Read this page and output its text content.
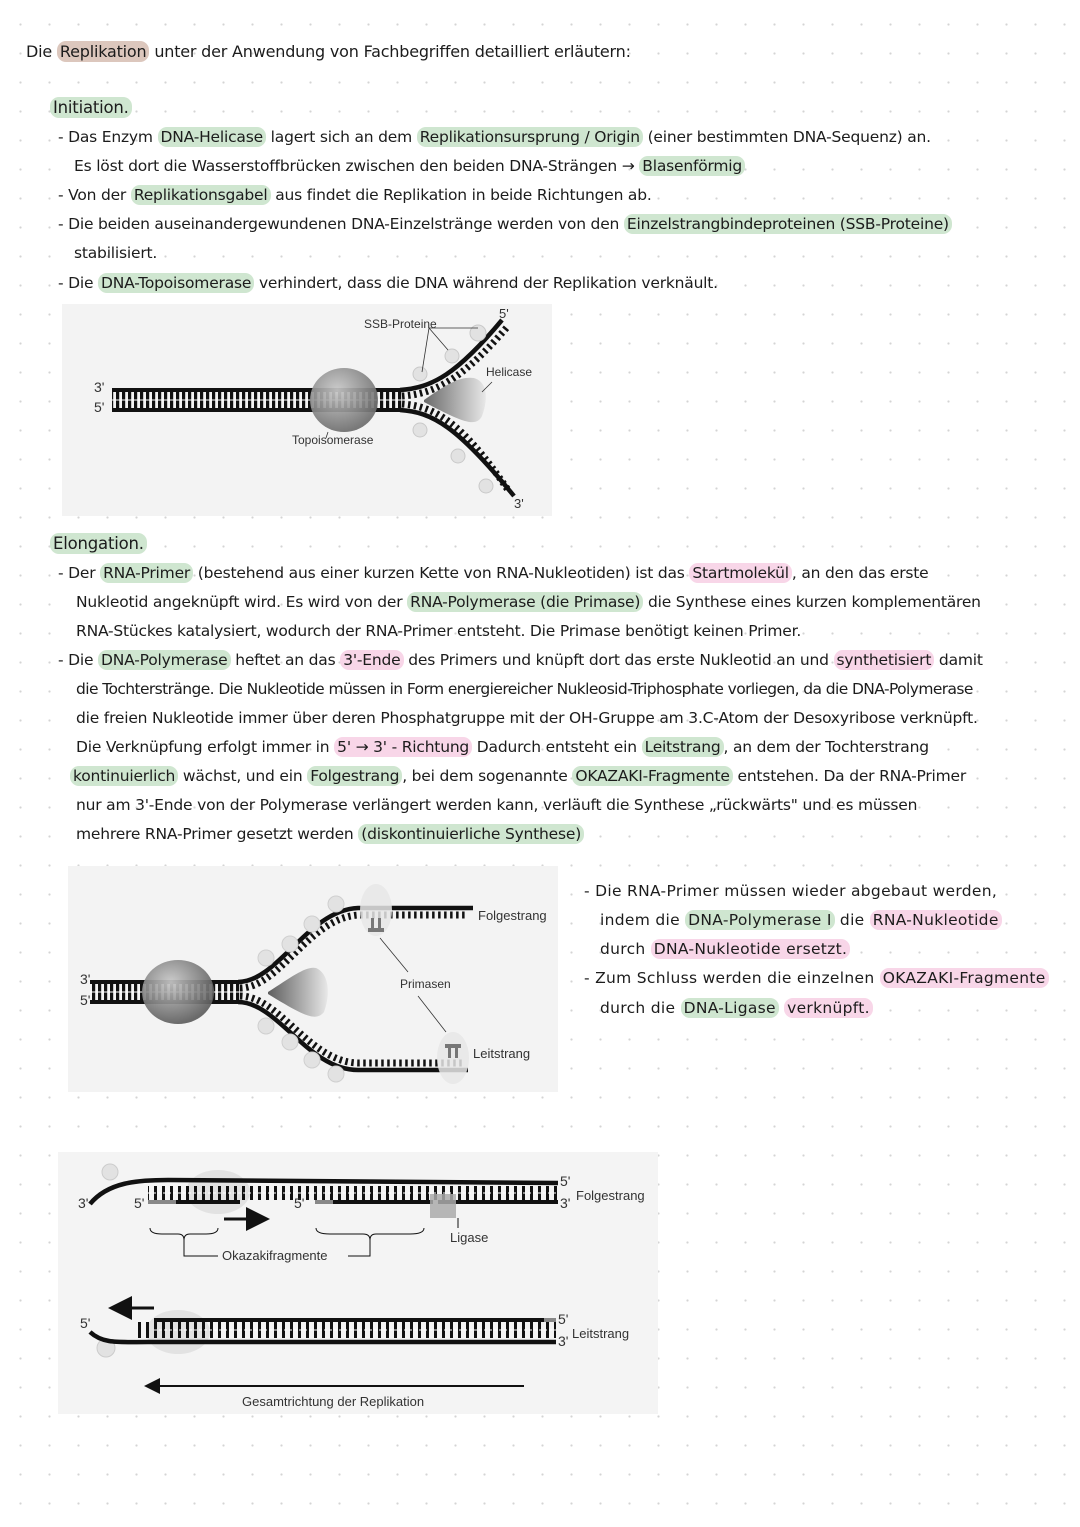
Die Replikation unter der Anwendung von Fachbegriffen detailliert erläutern:
Initiation.
- Das Enzym DNA-Helicase lagert sich an dem Replikationsursprung / Origin (einer bestimmten DNA-Sequenz) an.
Es löst dort die Wasserstoffbrücken zwischen den beiden DNA-Strängen → Blasenförmig
- Von der Replikationsgabel aus findet die Replikation in beide Richtungen ab.
- Die beiden auseinandergewundenen DNA-Einzelstränge werden von den Einzelstrangbindeproteinen (SSB-Proteine)
stabilisiert.
- Die DNA-Topoisomerase verhindert, dass die DNA während der Replikation verknäult.
SSB-Proteine
Helicase
Topoisomerase
3'
5'
5'
3'
Elongation.
- Der RNA-Primer (bestehend aus einer kurzen Kette von RNA-Nukleotiden) ist das Startmolekül , an den das erste
Nukleotid angeknüpft wird. Es wird von der RNA-Polymerase (die Primase) die Synthese eines kurzen komplementären
RNA-Stückes katalysiert, wodurch der RNA-Primer entsteht. Die Primase benötigt keinen Primer.
- Die DNA-Polymerase heftet an das 3'-Ende des Primers und knüpft dort das erste Nukleotid an und synthetisiert damit
die Tochterstränge. Die Nukleotide müssen in Form energiereicher Nukleosid-Triphosphate vorliegen, da die DNA-Polymerase
die freien Nukleotide immer über deren Phosphatgruppe mit der OH-Gruppe am 3.C-Atom der Desoxyribose verknüpft.
Die Verknüpfung erfolgt immer in 5' → 3' - Richtung Dadurch entsteht ein Leitstrang , an dem der Tochterstrang
kontinuierlich wächst, und ein Folgestrang , bei dem sogenannte OKAZAKI-Fragmente entstehen. Da der RNA-Primer
nur am 3'-Ende von der Polymerase verlängert werden kann, verläuft die Synthese „rückwärts" und es müssen
mehrere RNA-Primer gesetzt werden (diskontinuierliche Synthese)
Folgestrang
Primasen
Leitstrang
3'
5'
- Die RNA-Primer müssen wieder abgebaut werden,
indem die DNA-Polymerase I die RNA-Nukleotide
durch DNA-Nukleotide ersetzt.
- Zum Schluss werden die einzelnen OKAZAKI-Fragmente
durch die DNA-Ligase verknüpft.
Okazakifragmente
Ligase
3'	5'	5'
5'
3' Folgestrang
5'	5'
3' Leitstrang
Gesamtrichtung der Replikation
